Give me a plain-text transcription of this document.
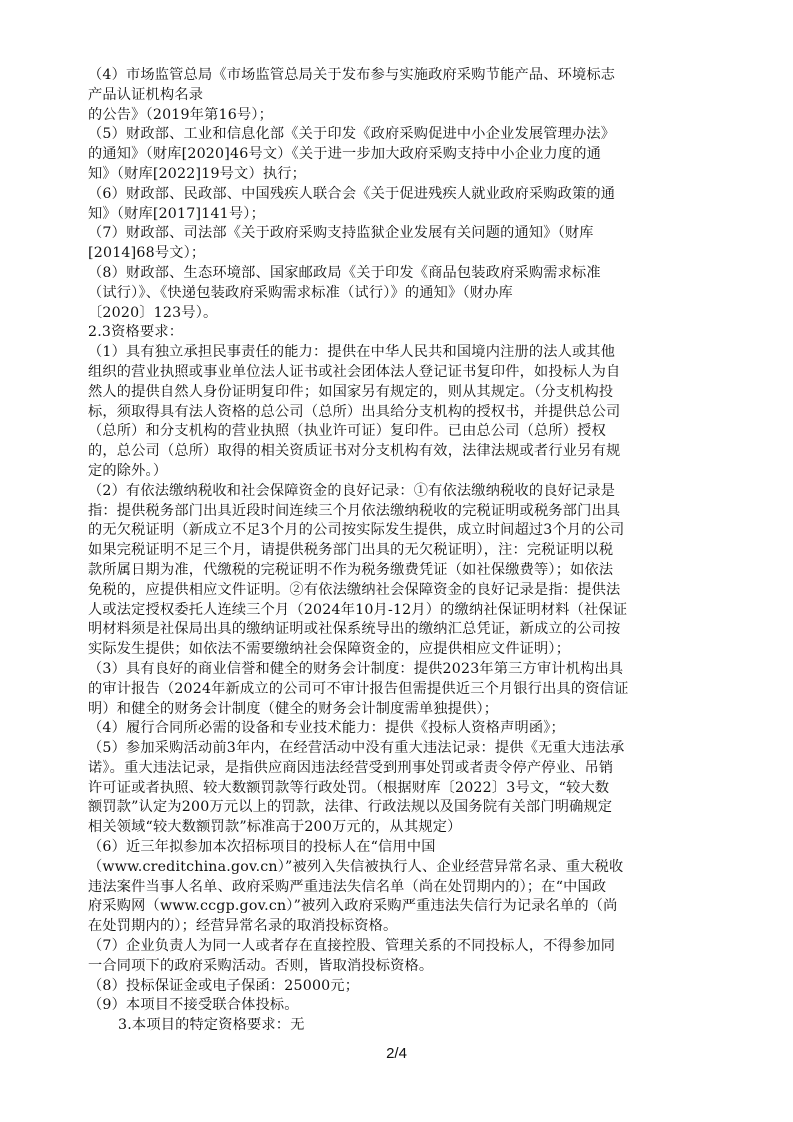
（4）市场监管总局《市场监管总局关于发布参与实施政府采购节能产品、环境标志
产品认证机构名录
的公告》（2019年第16号）；
（5）财政部、工业和信息化部《关于印发《政府采购促进中小企业发展管理办法》
的通知》（财库[2020]46号文）《关于进一步加大政府采购支持中小企业力度的通
知》（财库[2022]19号文）执行；
（6）财政部、民政部、中国残疾人联合会《关于促进残疾人就业政府采购政策的通
知》（财库[2017]141号）；
（7）财政部、司法部《关于政府采购支持监狱企业发展有关问题的通知》（财库
[2014]68号文）；
（8）财政部、生态环境部、国家邮政局《关于印发《商品包装政府采购需求标准
（试行）》、《快递包装政府采购需求标准（试行）》的通知》（财办库
〔2020〕123号）。
2.3资格要求：
（1）具有独立承担民事责任的能力：提供在中华人民共和国境内注册的法人或其他
组织的营业执照或事业单位法人证书或社会团体法人登记证书复印件，如投标人为自
然人的提供自然人身份证明复印件；如国家另有规定的，则从其规定。（分支机构投
标，须取得具有法人资格的总公司（总所）出具给分支机构的授权书，并提供总公司
（总所）和分支机构的营业执照（执业许可证）复印件。已由总公司（总所）授权
的，总公司（总所）取得的相关资质证书对分支机构有效，法律法规或者行业另有规
定的除外。）
（2）有依法缴纳税收和社会保障资金的良好记录：①有依法缴纳税收的良好记录是
指：提供税务部门出具近段时间连续三个月依法缴纳税收的完税证明或税务部门出具
的无欠税证明（新成立不足3个月的公司按实际发生提供，成立时间超过3个月的公司
如果完税证明不足三个月，请提供税务部门出具的无欠税证明），注：完税证明以税
款所属日期为准，代缴税的完税证明不作为税务缴费凭证（如社保缴费等）；如依法
免税的，应提供相应文件证明。②有依法缴纳社会保障资金的良好记录是指：提供法
人或法定授权委托人连续三个月（2024年10月-12月）的缴纳社保证明材料（社保证
明材料须是社保局出具的缴纳证明或社保系统导出的缴纳汇总凭证，新成立的公司按
实际发生提供；如依法不需要缴纳社会保障资金的，应提供相应文件证明）；
（3）具有良好的商业信誉和健全的财务会计制度：提供2023年第三方审计机构出具
的审计报告（2024年新成立的公司可不审计报告但需提供近三个月银行出具的资信证
明）和健全的财务会计制度（健全的财务会计制度需单独提供）；
（4）履行合同所必需的设备和专业技术能力：提供《投标人资格声明函》；
（5）参加采购活动前3年内，在经营活动中没有重大违法记录：提供《无重大违法承
诺》。重大违法记录，是指供应商因违法经营受到刑事处罚或者责令停产停业、吊销
许可证或者执照、较大数额罚款等行政处罚。（根据财库〔2022〕3号文，“较大数
额罚款”认定为200万元以上的罚款，法律、行政法规以及国务院有关部门明确规定
相关领域“较大数额罚款”标准高于200万元的，从其规定）
（6）近三年拟参加本次招标项目的投标人在“信用中国
（www.creditchina.gov.cn）”被列入失信被执行人、企业经营异常名录、重大税收
违法案件当事人名单、政府采购严重违法失信名单（尚在处罚期内的）；在“中国政
府采购网（www.ccgp.gov.cn）”被列入政府采购严重违法失信行为记录名单的（尚
在处罚期内的）；经营异常名录的取消投标资格。
（7）企业负责人为同一人或者存在直接控股、管理关系的不同投标人，不得参加同
一合同项下的政府采购活动。否则，皆取消投标资格。
（8）投标保证金或电子保函：25000元；
（9）本项目不接受联合体投标。
3.本项目的特定资格要求：无
2/4
